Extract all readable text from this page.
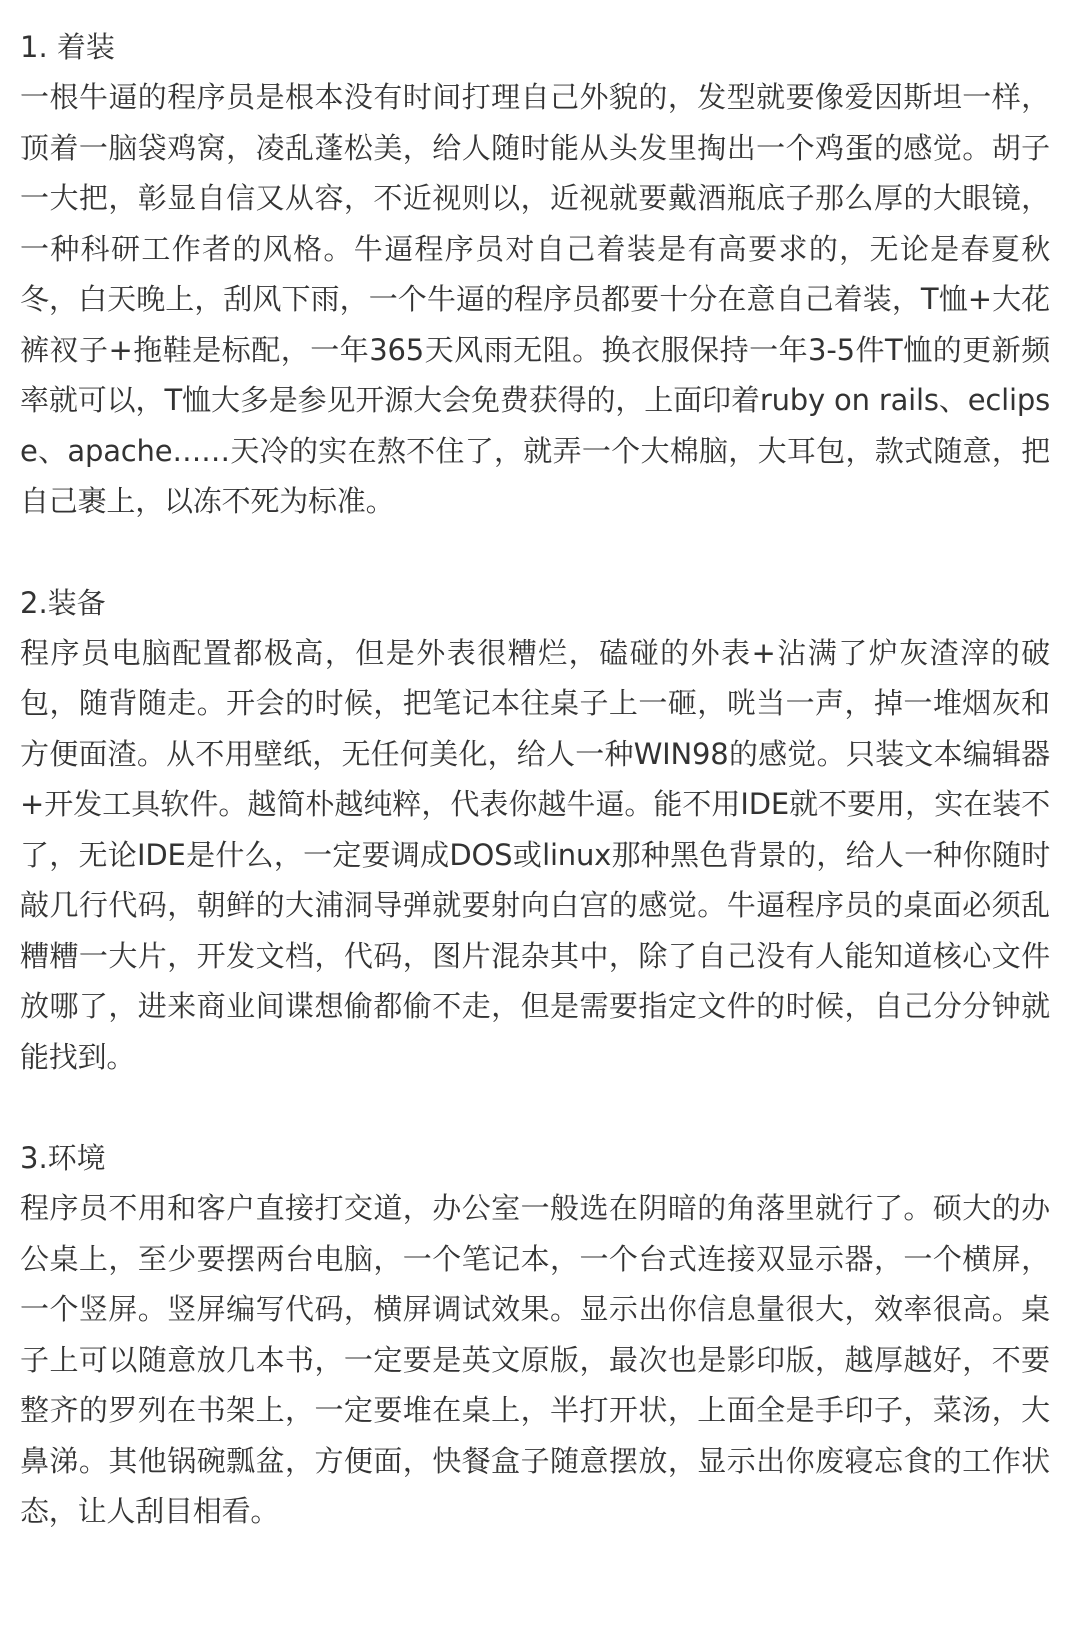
1. 着装

一根牛逼的程序员是根本没有时间打理自己外貌的，发型就要像爱因斯坦一样，顶着一脑袋鸡窝，凌乱蓬松美，给人随时能从头发里掏出一个鸡蛋的感觉。胡子一大把，彰显自信又从容，不近视则以，近视就要戴酒瓶底子那么厚的大眼镜，一种科研工作者的风格。牛逼程序员对自己着装是有高要求的，无论是春夏秋冬，白天晚上，刮风下雨，一个牛逼的程序员都要十分在意自己着装，T恤+大花裤衩子+拖鞋是标配，一年365天风雨无阻。换衣服保持一年3-5件T恤的更新频率就可以，T恤大多是参见开源大会免费获得的，上面印着ruby on rails、eclipse、apache……天冷的实在熬不住了，就弄一个大棉脑，大耳包，款式随意，把自己裹上，以冻不死为标准。

2.装备

程序员电脑配置都极高，但是外表很糟烂，磕碰的外表+沾满了炉灰渣滓的破包，随背随走。开会的时候，把笔记本往桌子上一砸，咣当一声，掉一堆烟灰和方便面渣。从不用壁纸，无任何美化，给人一种WIN98的感觉。只装文本编辑器+开发工具软件。越简朴越纯粹，代表你越牛逼。能不用IDE就不要用，实在装不了，无论IDE是什么，一定要调成DOS或linux那种黑色背景的，给人一种你随时敲几行代码，朝鲜的大浦洞导弹就要射向白宫的感觉。牛逼程序员的桌面必须乱糟糟一大片，开发文档，代码，图片混杂其中，除了自己没有人能知道核心文件放哪了，进来商业间谍想偷都偷不走，但是需要指定文件的时候，自己分分钟就能找到。

3.环境

程序员不用和客户直接打交道，办公室一般选在阴暗的角落里就行了。硕大的办公桌上，至少要摆两台电脑，一个笔记本，一个台式连接双显示器，一个横屏，一个竖屏。竖屏编写代码，横屏调试效果。显示出你信息量很大，效率很高。桌子上可以随意放几本书，一定要是英文原版，最次也是影印版，越厚越好，不要整齐的罗列在书架上，一定要堆在桌上，半打开状，上面全是手印子，菜汤，大鼻涕。其他锅碗瓢盆，方便面，快餐盒子随意摆放，显示出你废寝忘食的工作状态，让人刮目相看。
